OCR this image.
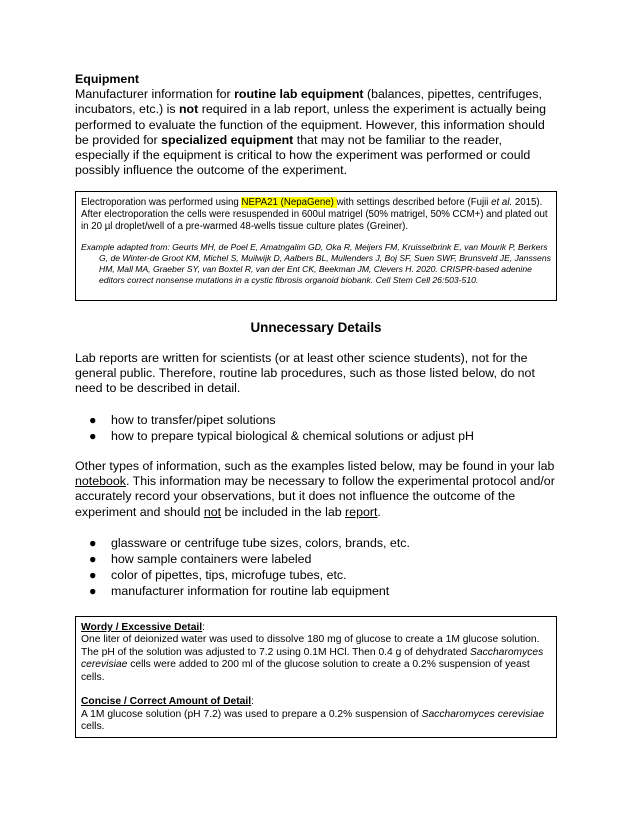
Equipment

Manufacturer information for routine lab equipment (balances, pipettes, centrifuges, incubators, etc.) is not required in a lab report, unless the experiment is actually being performed to evaluate the function of the equipment. However, this information should be provided for specialized equipment that may not be familiar to the reader, especially if the equipment is critical to how the experiment was performed or could possibly influence the outcome of the experiment.

Electroporation was performed using NEPA21 (NepaGene) with settings described before (Fujii et al. 2015). After electroporation the cells were resuspended in 600ul matrigel (50% matrigel, 50% CCM+) and plated out in 20 µl droplet/well of a pre-warmed 48-wells tissue culture plates (Greiner).

Example adapted from: Geurts MH, de Poel E, Amatngalim GD, Oka R, Meijers FM, Kruisselbrink E, van Mourik P, Berkers G, de Winter-de Groot KM, Michel S, Muilwijk D, Aalbers BL, Mullenders J, Boj SF, Suen SWF, Brunsveld JE, Janssens HM, Mall MA, Graeber SY, van Boxtel R, van der Ent CK, Beekman JM, Clevers H. 2020. CRISPR-based adenine editors correct nonsense mutations in a cystic fibrosis organoid biobank. Cell Stem Cell 26:503-510.

Unnecessary Details

Lab reports are written for scientists (or at least other science students), not for the general public. Therefore, routine lab procedures, such as those listed below, do not need to be described in detail.

● how to transfer/pipet solutions
● how to prepare typical biological & chemical solutions or adjust pH

Other types of information, such as the examples listed below, may be found in your lab notebook. This information may be necessary to follow the experimental protocol and/or accurately record your observations, but it does not influence the outcome of the experiment and should not be included in the lab report.

● glassware or centrifuge tube sizes, colors, brands, etc.
● how sample containers were labeled
● color of pipettes, tips, microfuge tubes, etc.
● manufacturer information for routine lab equipment

Wordy / Excessive Detail:

One liter of deionized water was used to dissolve 180 mg of glucose to create a 1M glucose solution. The pH of the solution was adjusted to 7.2 using 0.1M HCl. Then 0.4 g of dehydrated Saccharomyces cerevisiae cells were added to 200 ml of the glucose solution to create a 0.2% suspension of yeast cells.

Concise / Correct Amount of Detail:

A 1M glucose solution (pH 7.2) was used to prepare a 0.2% suspension of Saccharomyces cerevisiae cells.
